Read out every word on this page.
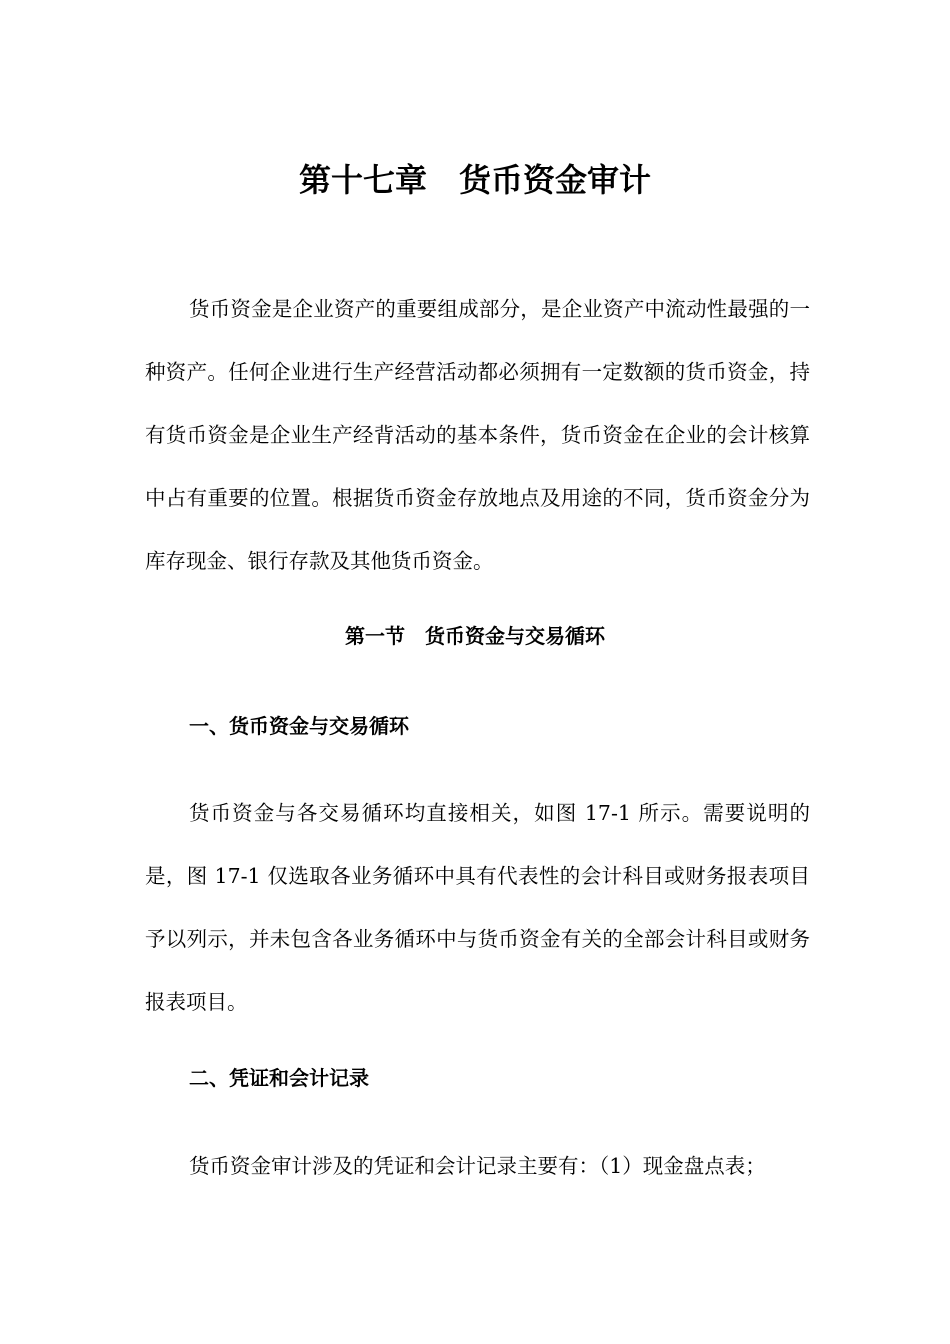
第十七章　货币资金审计

货币资金是企业资产的重要组成部分，是企业资产中流动性最强的一种资产。任何企业进行生产经营活动都必须拥有一定数额的货币资金，持有货币资金是企业生产经背活动的基本条件，货币资金在企业的会计核算中占有重要的位置。根据货币资金存放地点及用途的不同，货币资金分为库存现金、银行存款及其他货币资金。

第一节　货币资金与交易循环
一、货币资金与交易循环

货币资金与各交易循环均直接相关，如图 17-1 所示。需要说明的是，图 17-1 仅选取各业务循环中具有代表性的会计科目或财务报表项目予以列示，并未包含各业务循环中与货币资金有关的全部会计科目或财务报表项目。

二、凭证和会计记录

货币资金审计涉及的凭证和会计记录主要有：（1）现金盘点表；
